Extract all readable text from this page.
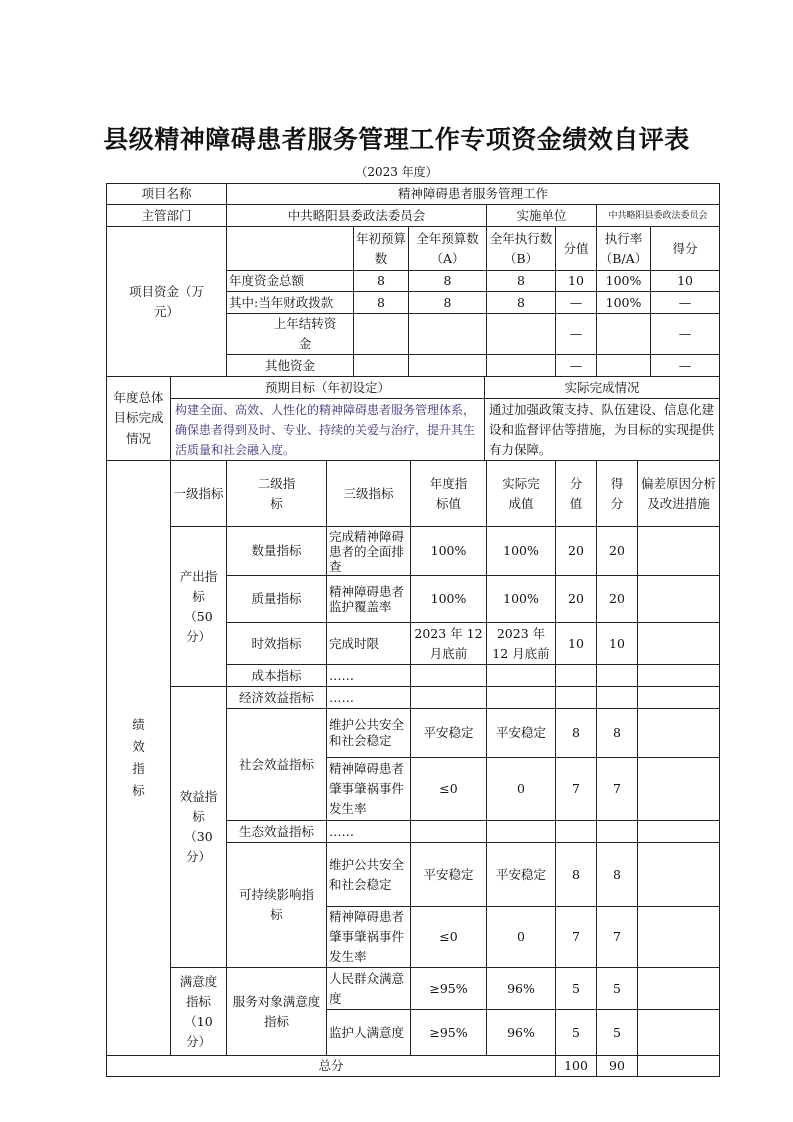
县级精神障碍患者服务管理工作专项资金绩效自评表
（2023 年度）
项目名称	精神障碍患者服务管理工作						
主管部门	中共略阳县委政法委员会			实施单位		中共略阳县委政法委员会	
项目资金（万元）		年初预算数	全年预算数（A）	全年执行数（B）	分值	执行率（B/A）	得分
	年度资金总额	8	8	8	10	100%	10
	其中:当年财政拨款	8	8	8	—	100%	—
	上年结转资金				—		—
	其他资金				—		—
年度总体目标完成情况	预期目标（年初设定）	实际完成情况
	构建全面、高效、人性化的精神障碍患者服务管理体系，确保患者得到及时、专业、持续的关爱与治疗，提升其生活质量和社会融入度。	通过加强政策支持、队伍建设、信息化建设和监督评估等措施，为目标的实现提供有力保障。
绩效指标	一级指标	二级指标	三级指标	年度指标值	实际完成值	分值	得分	偏差原因分析及改进措施
	产出指标（50分）	数量指标	完成精神障碍患者的全面排查	100%	100%	20	20	
		质量指标	精神障碍患者监护覆盖率	100%	100%	20	20	
		时效指标	完成时限	2023 年 12 月底前	2023 年 12 月底前	10	10	
		成本指标	……					
	效益指标（30分）	经济效益指标	……					
		社会效益指标	维护公共安全和社会稳定	平安稳定	平安稳定	8	8	
			精神障碍患者肇事肇祸事件发生率	≤0	0	7	7	
		生态效益指标	……					
		可持续影响指标	维护公共安全和社会稳定	平安稳定	平安稳定	8	8	
			精神障碍患者肇事肇祸事件发生率	≤0	0	7	7	
	满意度指标（10分）	服务对象满意度指标	人民群众满意度	≥95%	96%	5	5	
			监护人满意度	≥95%	96%	5	5	
总分	100	90	
